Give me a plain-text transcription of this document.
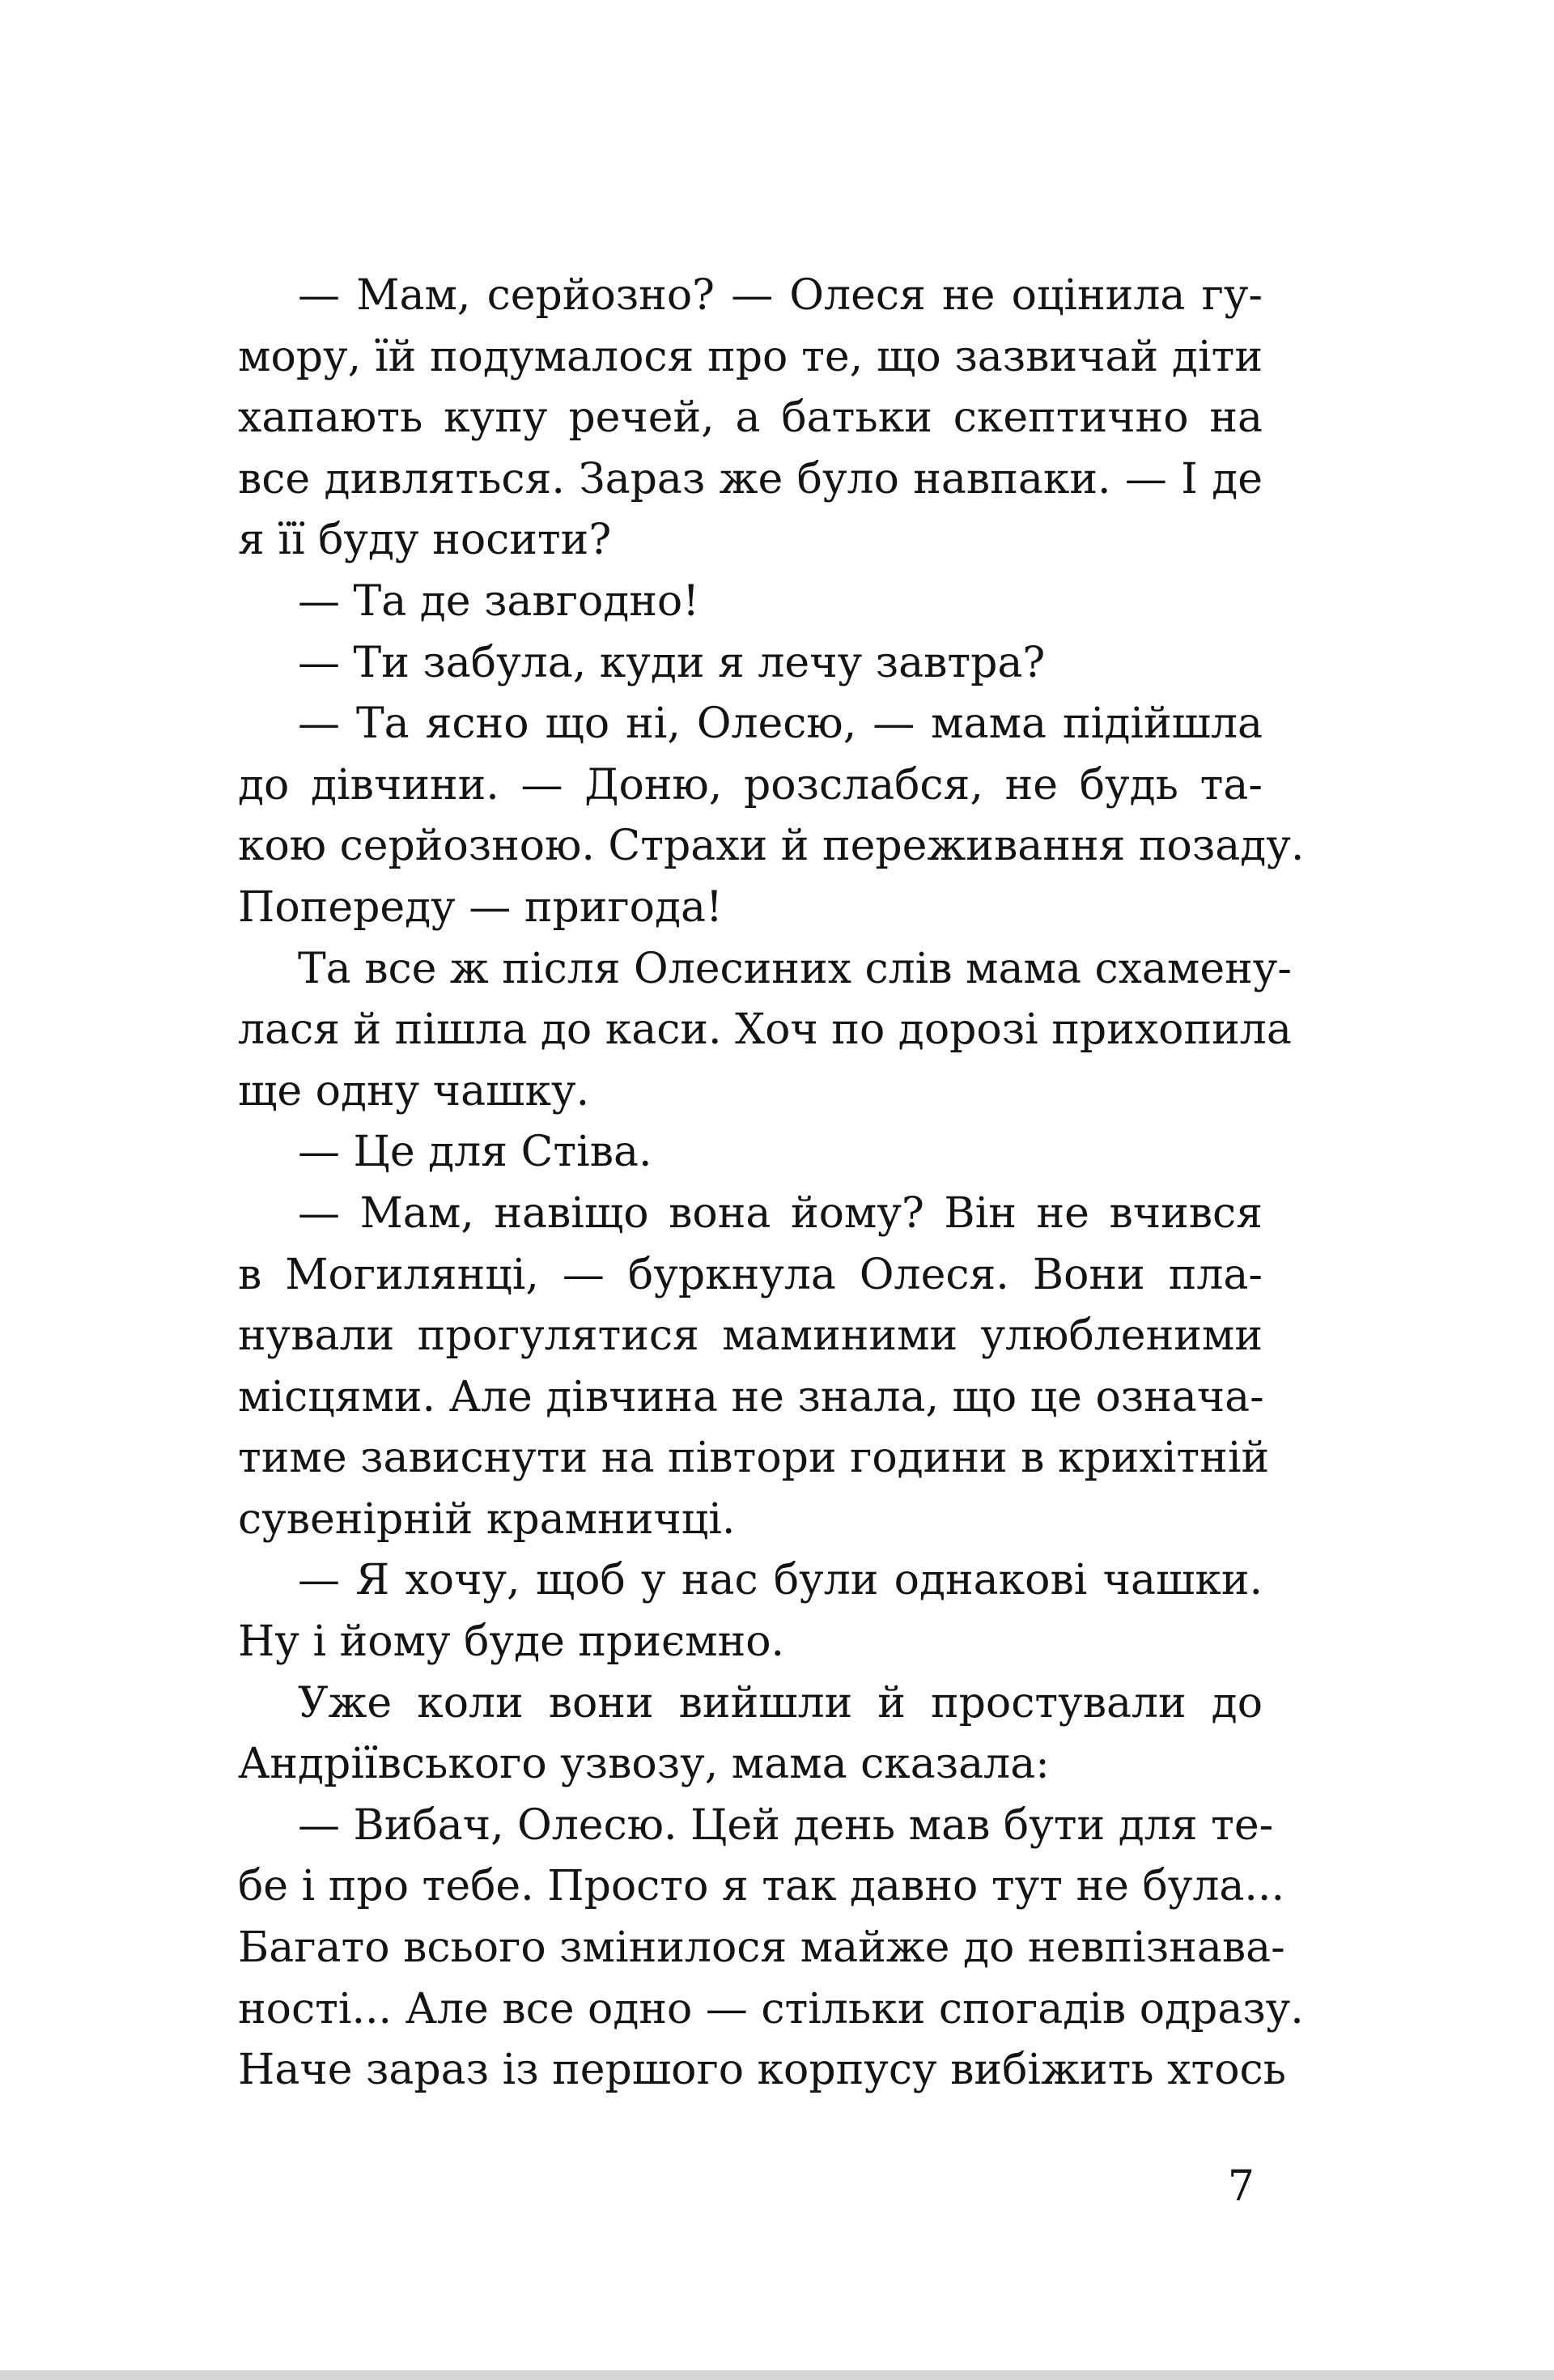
— Мам, серйозно? — Олеся не оцінила гу-
мору, їй подумалося про те, що зазвичай діти
хапають купу речей, а батьки скептично на
все дивляться. Зараз же було навпаки. — І де
я її буду носити?
— Та де завгодно!
— Ти забула, куди я лечу завтра?
— Та ясно що ні, Олесю, — мама підійшла
до дівчини. — Доню, розслабся, не будь та-
кою серйозною. Страхи й переживання позаду.
Попереду — пригода!
Та все ж після Олесиних слів мама схамену-
лася й пішла до каси. Хоч по дорозі прихопила
ще одну чашку.
— Це для Стіва.
— Мам, навіщо вона йому? Він не вчився
в Могилянці, — буркнула Олеся. Вони пла-
нували прогулятися маминими улюбленими
місцями. Але дівчина не знала, що це означа-
тиме зависнути на півтори години в крихітній
сувенірній крамничці.
— Я хочу, щоб у нас були однакові чашки.
Ну і йому буде приємно.
Уже коли вони вийшли й простували до
Андріївського узвозу, мама сказала:
— Вибач, Олесю. Цей день мав бути для те-
бе і про тебе. Просто я так давно тут не була...
Багато всього змінилося майже до невпізнава-
ності... Але все одно — стільки спогадів одразу.
Наче зараз із першого корпусу вибіжить хтось
7
